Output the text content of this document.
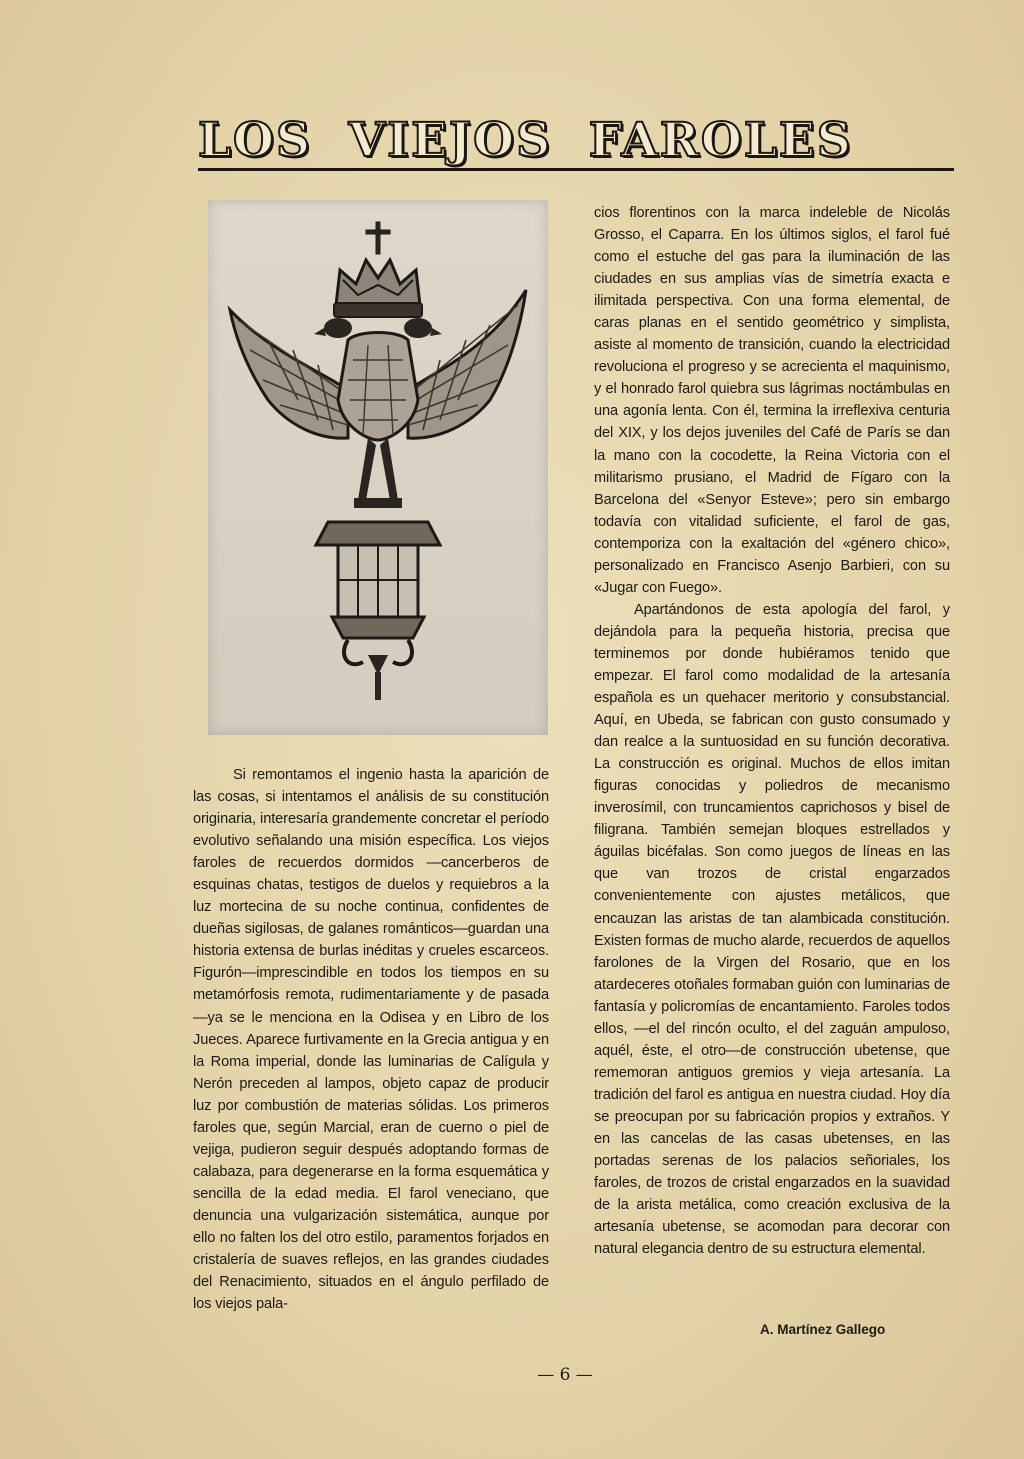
LOS  VIEJOS  FAROLES

Si remontamos el ingenio hasta la aparición de las cosas, si intentamos el análisis de su constitución originaria, interesaría grandemente concretar el período evolutivo señalando una misión específica. Los viejos faroles de recuerdos dormidos —cancerberos de esquinas chatas, testigos de duelos y requiebros a la luz mortecina de su noche continua, confidentes de dueñas sigilosas, de galanes románticos—guardan una historia extensa de burlas inéditas y crueles escarceos. Figurón—imprescindible en todos los tiempos en su metamórfosis remota, rudimentariamente y de pasada—ya se le menciona en la Odisea y en Libro de los Jueces. Aparece furtivamente en la Grecia antigua y en la Roma imperial, donde las luminarias de Calígula y Nerón preceden al lampos, objeto capaz de producir luz por combustión de materias sólidas. Los primeros faroles que, según Marcial, eran de cuerno o piel de vejiga, pudieron seguir después adoptando formas de calabaza, para degenerarse en la forma esquemática y sencilla de la edad media. El farol veneciano, que denuncia una vulgarización sistemática, aunque por ello no falten los del otro estilo, paramentos forjados en cristalería de suaves reflejos, en las grandes ciudades del Renacimiento, situados en el ángulo perfilado de los viejos pala-

cios florentinos con la marca indeleble de Nicolás Grosso, el Caparra. En los últimos siglos, el farol fué como el estuche del gas para la iluminación de las ciudades en sus amplias vías de simetría exacta e ilimitada perspectiva. Con una forma elemental, de caras planas en el sentido geométrico y simplista, asiste al momento de transición, cuando la electricidad revoluciona el progreso y se acrecienta el maquinismo, y el honrado farol quiebra sus lágrimas noctámbulas en una agonía lenta. Con él, termina la irreflexiva centuria del XIX, y los dejos juveniles del Café de París se dan la mano con la cocodette, la Reina Victoria con el militarismo prusiano, el Madrid de Fígaro con la Barcelona del «Senyor Esteve»; pero sin embargo todavía con vitalidad suficiente, el farol de gas, contemporiza con la exaltación del «género chico», personalizado en Francisco Asenjo Barbieri, con su «Jugar con Fuego».

Apartándonos de esta apología del farol, y dejándola para la pequeña historia, precisa que terminemos por donde hubiéramos tenido que empezar. El farol como modalidad de la artesanía española es un quehacer meritorio y consubstancial. Aquí, en Ubeda, se fabrican con gusto consumado y dan realce a la suntuosidad en su función decorativa. La construcción es original. Muchos de ellos imitan figuras conocidas y poliedros de mecanismo inverosímil, con truncamientos caprichosos y bisel de filigrana. También semejan bloques estrellados y águilas bicéfalas. Son como juegos de líneas en las que van trozos de cristal engarzados convenientemente con ajustes metálicos, que encauzan las aristas de tan alambicada constitución. Existen formas de mucho alarde, recuerdos de aquellos farolones de la Virgen del Rosario, que en los atardeceres otoñales formaban guión con luminarias de fantasía y policromías de encantamiento. Faroles todos ellos, —el del rincón oculto, el del zaguán ampuloso, aquél, éste, el otro—de construcción ubetense, que rememoran antiguos gremios y vieja artesanía. La tradición del farol es antigua en nuestra ciudad. Hoy día se preocupan por su fabricación propios y extraños. Y en las cancelas de las casas ubetenses, en las portadas serenas de los palacios señoriales, los faroles, de trozos de cristal engarzados en la suavidad de la arista metálica, como creación exclusiva de la artesanía ubetense, se acomodan para decorar con natural elegancia dentro de su estructura elemental.

A. Martínez Gallego
— 6 —
